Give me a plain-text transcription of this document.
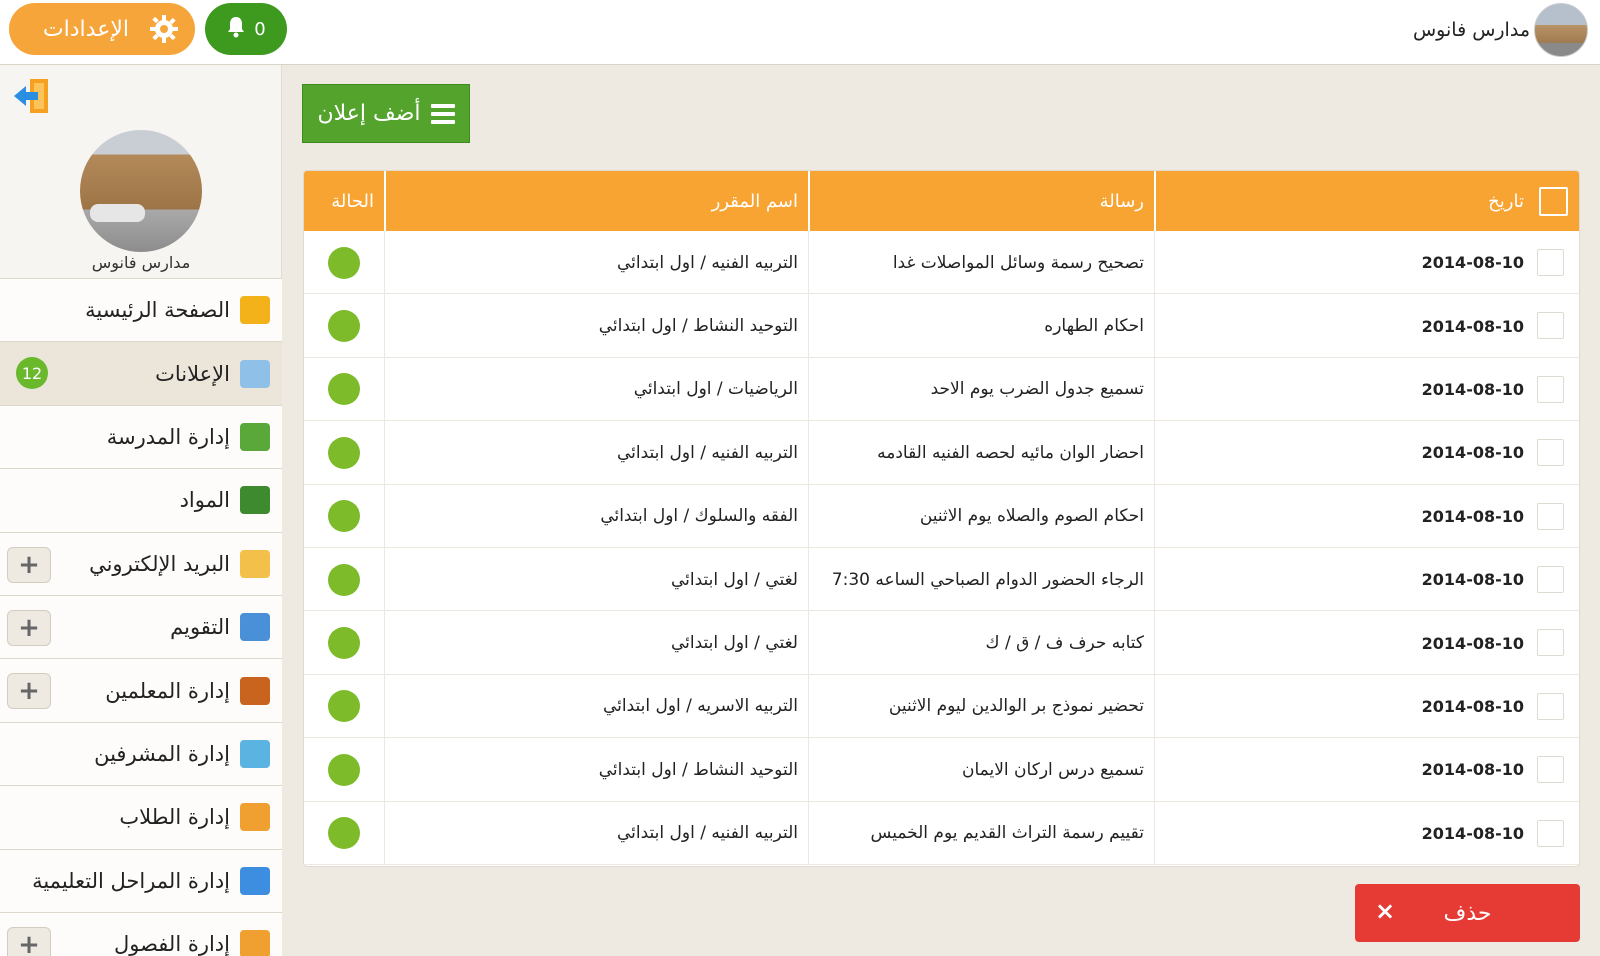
الإعدادات	0	مدارس فانوس
مدارس فانوس
الصفحة الرئيسية
12	الإعلانات
إدارة المدرسة
المواد
+	البريد الإلكتروني
+	التقويم
+	إدارة المعلمين
إدارة المشرفين
إدارة الطلاب
إدارة المراحل التعليمية
+	إدارة الفصول
أضف إعلان
الحالة	اسم المقرر	رسالة	تاريخ
التربيه الفنيه / اول ابتدائي	تصحيح رسمة وسائل المواصلات غدا	2014-08-10
التوحيد النشاط / اول ابتدائي	احكام الطهاره	2014-08-10
الرياضيات / اول ابتدائي	تسميع جدول الضرب يوم الاحد	2014-08-10
التربيه الفنيه / اول ابتدائي	احضار الوان مائيه لحصه الفنيه القادمه	2014-08-10
الفقه والسلوك / اول ابتدائي	احكام الصوم والصلاه يوم الاثنين	2014-08-10
لغتي / اول ابتدائي	الرجاء الحضور الدوام الصباحي الساعه 7:30	2014-08-10
لغتي / اول ابتدائي	كتابه حرف ف / ق / ك	2014-08-10
التربيه الاسريه / اول ابتدائي	تحضير نموذج بر الوالدين ليوم الاثنين	2014-08-10
التوحيد النشاط / اول ابتدائي	تسميع درس اركان الايمان	2014-08-10
التربيه الفنيه / اول ابتدائي	تقييم رسمة التراث القديم يوم الخميس	2014-08-10
× حذف
